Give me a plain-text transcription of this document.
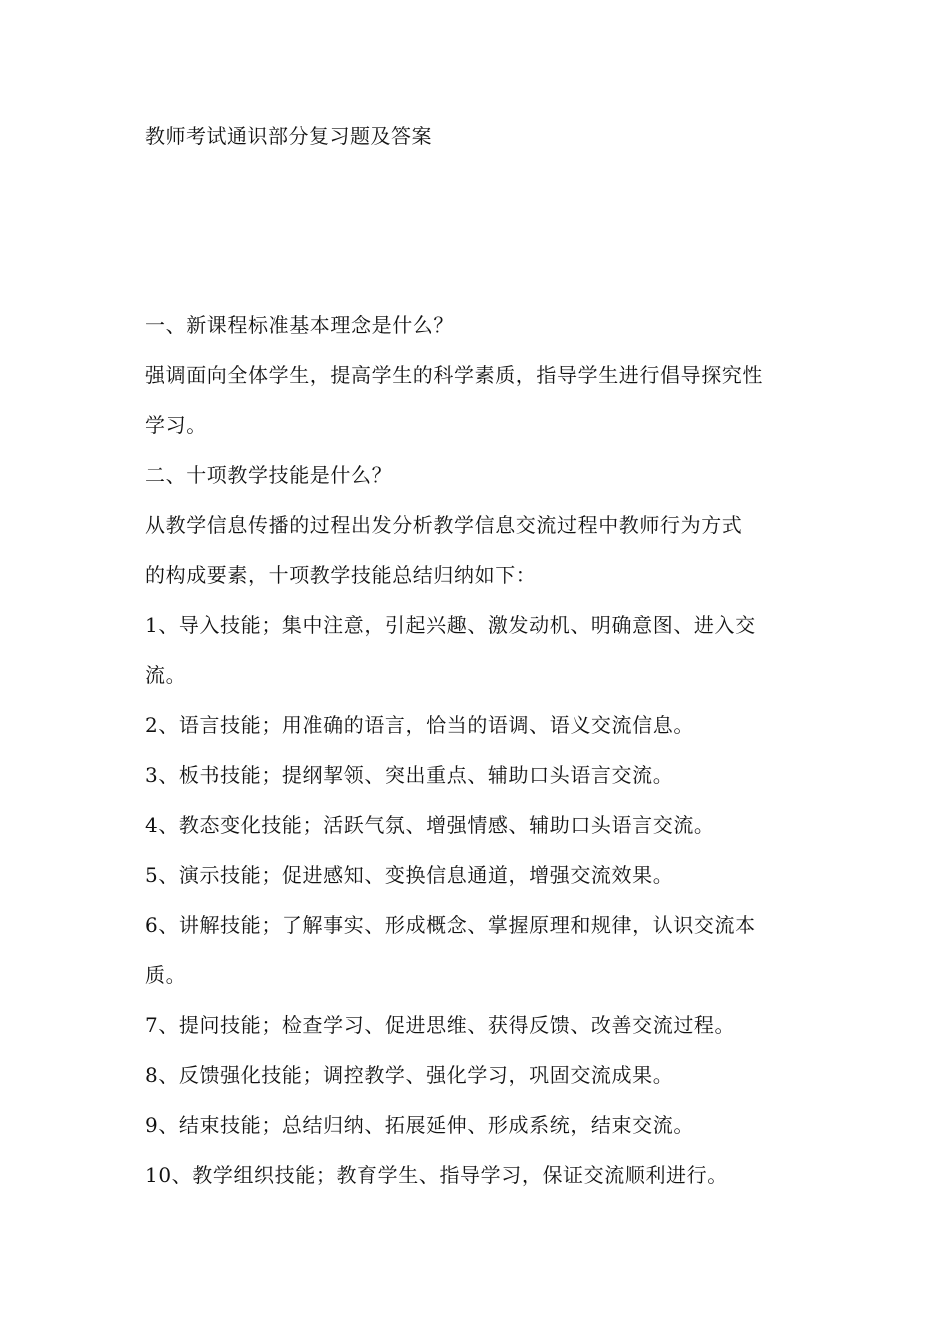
教师考试通识部分复习题及答案
一、新课程标准基本理念是什么？
强调面向全体学生，提高学生的科学素质，指导学生进行倡导探究性
学习。
二、十项教学技能是什么？
从教学信息传播的过程出发分析教学信息交流过程中教师行为方式
的构成要素，十项教学技能总结归纳如下：
1、导入技能；集中注意，引起兴趣、激发动机、明确意图、进入交
流。
2、语言技能；用准确的语言，恰当的语调、语义交流信息。
3、板书技能；提纲挈领、突出重点、辅助口头语言交流。
4、教态变化技能；活跃气氛、增强情感、辅助口头语言交流。
5、演示技能；促进感知、变换信息通道，增强交流效果。
6、讲解技能；了解事实、形成概念、掌握原理和规律，认识交流本
质。
7、提问技能；检查学习、促进思维、获得反馈、改善交流过程。
8、反馈强化技能；调控教学、强化学习，巩固交流成果。
9、结束技能；总结归纳、拓展延伸、形成系统，结束交流。
10、教学组织技能；教育学生、指导学习，保证交流顺利进行。
